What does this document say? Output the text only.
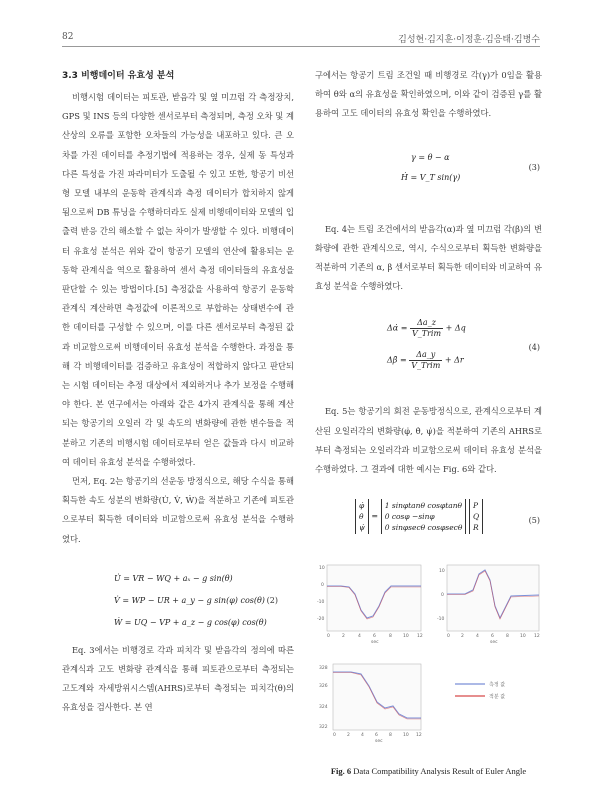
82	김성현·김지훈·이정훈·김응태·김병수
3.3 비행데이터 유효성 분석

비행시험 데이터는 피토관, 받음각 및 옆 미끄럼 각 측정장치, GPS 및 INS 등의 다양한 센서로부터 측정되며, 측정 오차 및 계산상의 오류를 포함한 오차들의 가능성을 내포하고 있다. 큰 오차를 가진 데이터를 추정기법에 적용하는 경우, 실제 동 특성과 다른 특성을 가진 파라미터가 도출될 수 있고 또한, 항공기 비선형 모델 내부의 운동학 관계식과 측정 데이터가 합치하지 않게 됨으로써 DB 튜닝을 수행하더라도 실제 비행데이터와 모델의 입출력 반응 간의 해소할 수 없는 차이가 발생할 수 있다. 비행데이터 유효성 분석은 위와 같이 항공기 모델의 연산에 활용되는 운동학 관계식을 역으로 활용하여 센서 측정 데이터들의 유효성을 판단할 수 있는 방법이다.[5] 측정값을 사용하여 항공기 운동학 관계식 계산하면 측정값에 이론적으로 부합하는 상태변수에 관한 데이터를 구성할 수 있으며, 이를 다른 센서로부터 측정된 값과 비교함으로써 비행데이터 유효성 분석을 수행한다. 과정을 통해 각 비행데이터를 검증하고 유효성이 적합하지 않다고 판단되는 시험 데이터는 추정 대상에서 제외하거나 추가 보정을 수행해야 한다. 본 연구에서는 아래와 같은 4가지 관계식을 통해 계산되는 항공기의 오일러 각 및 속도의 변화량에 관한 변수들을 적분하고 기존의 비행시험 데이터로부터 얻은 값들과 다시 비교하여 데이터 유효성 분석을 수행하였다.

먼저, Eq. 2는 항공기의 선운동 방정식으로, 해당 수식을 통해 획득한 속도 성분의 변화량(U̇, V̇, Ẇ)을 적분하고 기존에 피토관으로부터 획득한 데이터와 비교함으로써 유효성 분석을 수행하였다.

U̇ = VR − WQ + aₓ − g sin(θ)
V̇ = WP − UR + a_y − g sin(φ) cos(θ)
Ẇ = UQ − VP + a_z − g cos(φ) cos(θ)
(2)

Eq. 3에서는 비행경로 각과 피치각 및 받음각의 정의에 따른 관계식과 고도 변화량 관계식을 통해 피토관으로부터 측정되는 고도계와 자세방위시스템(AHRS)로부터 측정되는 피치각(θ)의 유효성을 검사한다. 본 연

구에서는 항공기 트림 조건일 때 비행경로 각(γ)가 0임을 활용하여 θ와 α의 유효성을 확인하였으며, 이와 같이 검증된 γ를 활용하여 고도 데이터의 유효성 확인을 수행하였다.

γ = θ − α
Ḣ = V_T sin(γ)
(3)

Eq. 4는 트림 조건에서의 받음각(α)과 옆 미끄럼 각(β)의 변화량에 관한 관계식으로, 역시, 수식으로부터 획득한 변화량을 적분하여 기존의 α, β 센서로부터 획득한 데이터와 비교하여 유효성 분석을 수행하였다.

Δα̇ = $\frac{\Delta a\_z}{\text{V\_Trim}} + \Delta q$
Δβ̇ = $\frac{\Delta a\_y}{\text{V\_Trim}} + \Delta r$
(4)

Eq. 5는 항공기의 회전 운동방정식으로, 관계식으로부터 계산된 오일러각의 변화량(φ̇, θ̇, ψ̇)을 적분하여 기존의 AHRS로부터 측정되는 오일러각과 비교함으로써 데이터 유효성 분석을 수행하였다. 그 결과에 대한 예시는 Fig. 6와 같다.

φ̇
θ̇
ψ̇ = 1 sinφtanθ cosφtanθ
0 cosφ −sinφ
0 sinφsecθ cosφsecθ P
Q
R
(5)
10
0
-10
-20
0	2	4	6	8 10 12
sec
10
0
-10
0 2	4	6	8 10 12
sec
328
326
324
322
0 2 4 6 8 10 12
sec
측정 값
적분 값
Fig. 6 Data Compatibility Analysis Result of Euler Angle
